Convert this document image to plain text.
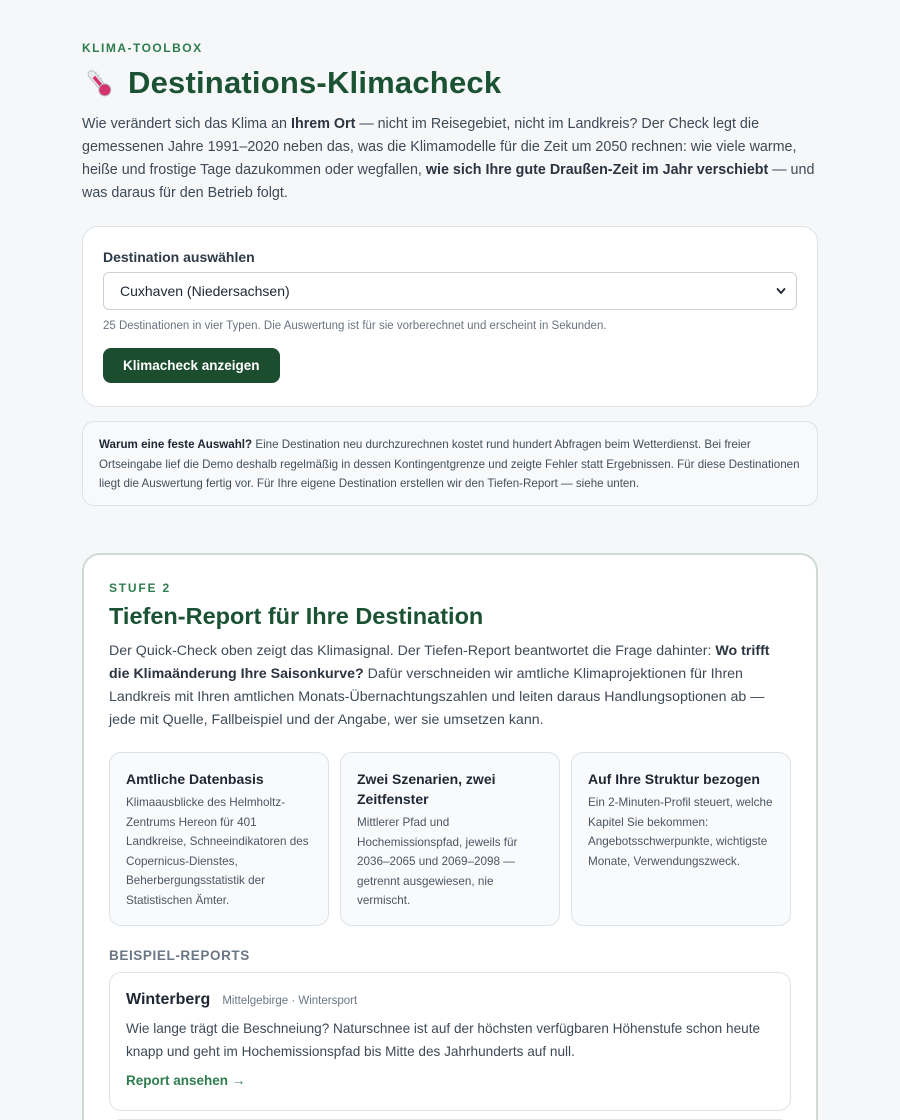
KLIMA-TOOLBOX
Destinations-Klimacheck

Wie verändert sich das Klima an Ihrem Ort — nicht im Reisegebiet, nicht im Landkreis? Der Check legt die gemessenen Jahre 1991–2020 neben das, was die Klimamodelle für die Zeit um 2050 rechnen: wie viele warme, heiße und frostige Tage dazukommen oder wegfallen, wie sich Ihre gute Draußen-Zeit im Jahr verschiebt — und was daraus für den Betrieb folgt.

Destination auswählen
Cuxhaven (Niedersachsen)
25 Destinationen in vier Typen. Die Auswertung ist für sie vorberechnet und erscheint in Sekunden.
Klimacheck anzeigen
Warum eine feste Auswahl? Eine Destination neu durchzurechnen kostet rund hundert Abfragen beim Wetterdienst. Bei freier Ortseingabe lief die Demo deshalb regelmäßig in dessen Kontingentgrenze und zeigte Fehler statt Ergebnissen. Für diese Destinationen liegt die Auswertung fertig vor. Für Ihre eigene Destination erstellen wir den Tiefen-Report — siehe unten.
STUFE 2
Tiefen-Report für Ihre Destination

Der Quick-Check oben zeigt das Klimasignal. Der Tiefen-Report beantwortet die Frage dahinter: Wo trifft die Klimaänderung Ihre Saisonkurve? Dafür verschneiden wir amtliche Klimaprojektionen für Ihren Landkreis mit Ihren amtlichen Monats-Übernachtungszahlen und leiten daraus Handlungsoptionen ab — jede mit Quelle, Fallbeispiel und der Angabe, wer sie umsetzen kann.

Amtliche Datenbasis
Klimaausblicke des Helmholtz-Zentrums Hereon für 401 Landkreise, Schneeindikatoren des Copernicus-Dienstes, Beherbergungsstatistik der Statistischen Ämter.
Zwei Szenarien, zwei Zeitfenster
Mittlerer Pfad und Hochemissionspfad, jeweils für 2036–2065 und 2069–2098 — getrennt ausgewiesen, nie vermischt.
Auf Ihre Struktur bezogen
Ein 2-Minuten-Profil steuert, welche Kapitel Sie bekommen: Angebotsschwerpunkte, wichtigste Monate, Verwendungszweck.
BEISPIEL-REPORTS
Winterberg Mittelgebirge · Wintersport
Wie lange trägt die Beschneiung? Naturschnee ist auf der höchsten verfügbaren Höhenstufe schon heute knapp und geht im Hochemissionspfad bis Mitte des Jahrhunderts auf null.
Report ansehen →
